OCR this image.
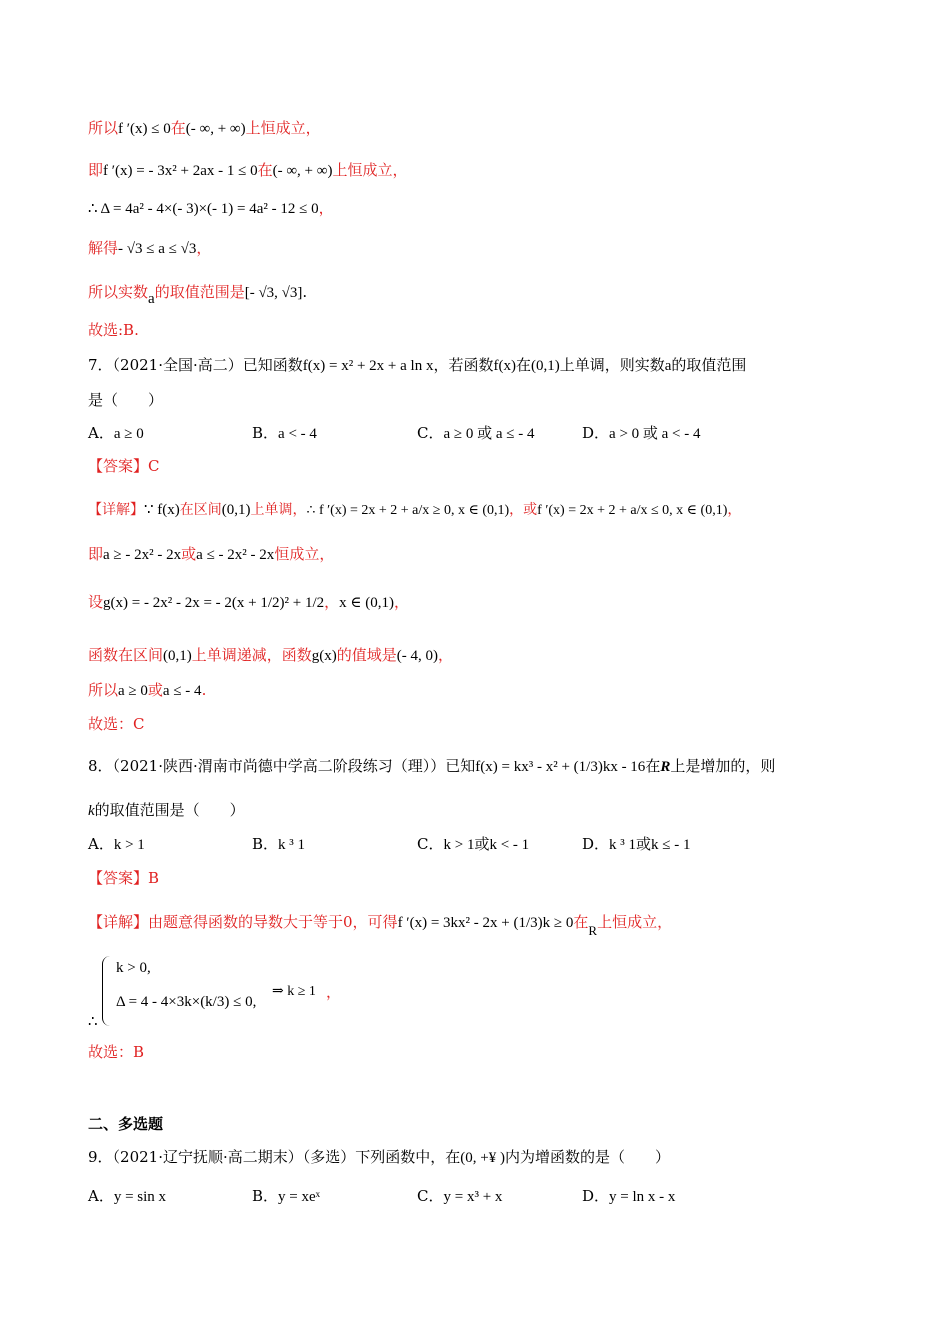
所以f ′(x) ≤ 0在(- ∞, + ∞)上恒成立，
即f ′(x) = - 3x² + 2ax - 1 ≤ 0在(- ∞, + ∞)上恒成立，
∴ Δ = 4a² - 4×(- 3)×(- 1) = 4a² - 12 ≤ 0，
解得- √3 ≤ a ≤ √3，
所以实数a的取值范围是[- √3, √3].
故选:B.
7．（2021·全国·高二）已知函数f(x) = x² + 2x + a ln x，若函数f(x)在(0,1)上单调，则实数a的取值范围
是（　　）
A．a ≥ 0	B．a < - 4	C．a ≥ 0 或 a ≤ - 4	D．a > 0 或 a < - 4
【答案】C
【详解】∵ f(x)在区间(0,1)上单调，∴ f ′(x) = 2x + 2 + a/x ≥ 0, x ∈ (0,1)，或f ′(x) = 2x + 2 + a/x ≤ 0, x ∈ (0,1)，
即a ≥ - 2x² - 2x或a ≤ - 2x² - 2x恒成立，
设g(x) = - 2x² - 2x = - 2(x + 1/2)² + 1/2，x ∈ (0,1)，
函数在区间(0,1)上单调递减，函数g(x)的值域是(- 4, 0)，
所以a ≥ 0或a ≤ - 4.
故选：C
8．（2021·陕西·渭南市尚德中学高二阶段练习（理））已知f(x) = kx³ - x² + (1/3)kx - 16在R上是增加的，则
k的取值范围是（　　）
A．k > 1	B．k ³ 1	C．k > 1或k < - 1	D．k ³ 1或k ≤ - 1
【答案】B
【详解】由题意得函数的导数大于等于0，可得f ′(x) = 3kx² - 2x + (1/3)k ≥ 0在R上恒成立，
k > 0,
Δ = 4 - 4×3k×(k/3) ≤ 0,
⇒ k ≥ 1 ，
∴
故选：B
二、多选题
9．（2021·辽宁抚顺·高二期末）（多选）下列函数中，在(0, +¥ )内为增函数的是（　　）
A．y = sin x	B．y = xeˣ	C．y = x³ + x	D．y = ln x - x
